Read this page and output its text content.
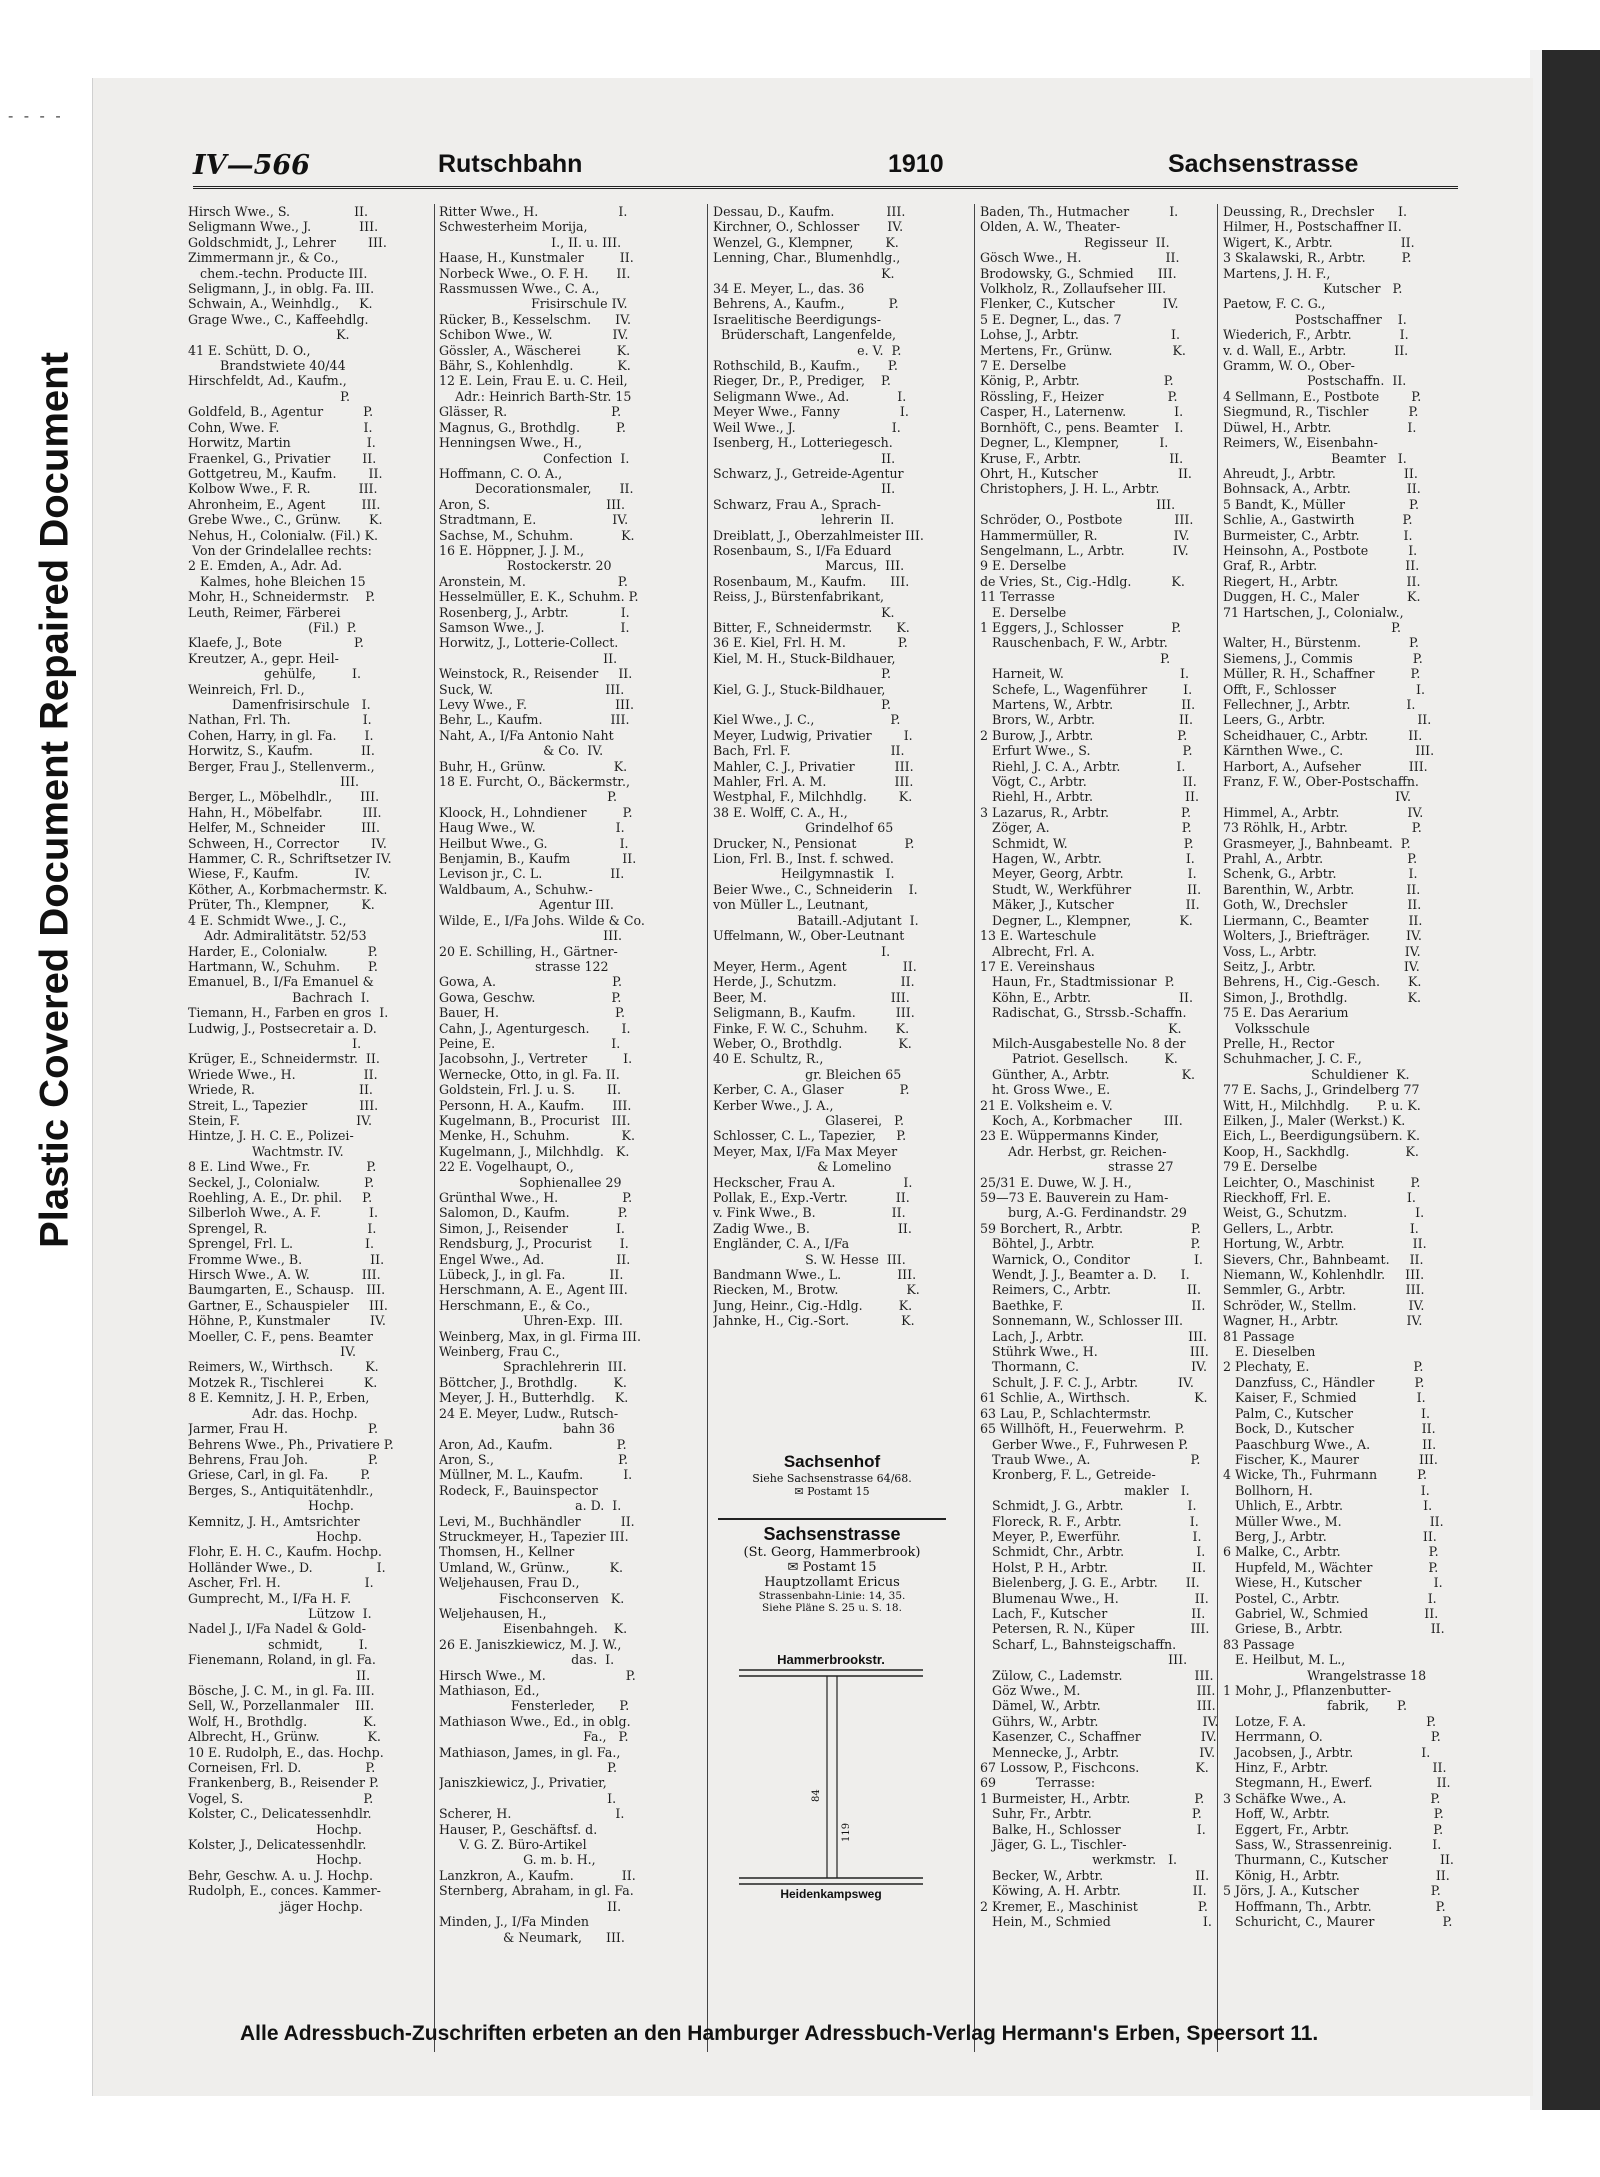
- - - -
Plastic Covered Document Repaired Document
IV—566	Rutschbahn	1910	Sachsenstrasse
Hirsch Wwe., S.                II.
Seligmann Wwe., J.            III.
Goldschmidt, J., Lehrer        III.
Zimmermann jr., & Co.,
chem.-techn. Producte III.
Seligmann, J., in oblg. Fa. III.
Schwain, A., Weinhdlg.,     K.
Grage Wwe., C., Kaffeehdlg.
K.
41 E. Schütt, D. O.,
Brandstwiete 40/44
Hirschfeldt, Ad., Kaufm.,
P.
Goldfeld, B., Agentur          P.
Cohn, Wwe. F.                     I.
Horwitz, Martin                   I.
Fraenkel, G., Privatier        II.
Gottgetreu, M., Kaufm.        II.
Kolbow Wwe., F. R.            III.
Ahronheim, E., Agent         III.
Grebe Wwe., C., Grünw.       K.
Nehus, H., Colonialw. (Fil.) K.
Von der Grindelallee rechts:
2 E. Emden, A., Adr. Ad.
Kalmes, hohe Bleichen 15
Mohr, H., Schneidermstr.    P.
Leuth, Reimer, Färberei
(Fil.)  P.
Klaefe, J., Bote                  P.
Kreutzer, A., gepr. Heil-
gehülfe,         I.
Weinreich, Frl. D.,
Damenfrisirschule   I.
Nathan, Frl. Th.                  I.
Cohen, Harry, in gl. Fa.       I.
Horwitz, S., Kaufm.            II.
Berger, Frau J., Stellenverm.,
III.
Berger, L., Möbelhdlr.,       III.
Hahn, H., Möbelfabr.          III.
Helfer, M., Schneider         III.
Schween, H., Corrector        IV.
Hammer, C. R., Schriftsetzer IV.
Wiese, F., Kaufm.              IV.
Köther, A., Korbmachermstr. K.
Prüter, Th., Klempner,        K.
4 E. Schmidt Wwe., J. C.,
Adr. Admiralitätstr. 52/53
Harder, E., Colonialw.          P.
Hartmann, W., Schuhm.       P.
Emanuel, B., I/Fa Emanuel &
Bachrach  I.
Tiemann, H., Farben en gros  I.
Ludwig, J., Postsecretair a. D.
I.
Krüger, E., Schneidermstr.  II.
Wriede Wwe., H.                 II.
Wriede, R.                          II.
Streit, L., Tapezier             III.
Stein, F.                             IV.
Hintze, J. H. C. E., Polizei-
Wachtmstr. IV.
8 E. Lind Wwe., Fr.              P.
Seckel, J., Colonialw.           P.
Roehling, A. E., Dr. phil.     P.
Silberloh Wwe., A. F.            I.
Sprengel, R.                         I.
Sprengel, Frl. L.                  I.
Fromme Wwe., B.                 II.
Hirsch Wwe., A. W.             III.
Baumgarten, E., Schausp.   III.
Gartner, E., Schauspieler     III.
Höhne, P., Kunstmaler          IV.
Moeller, C. F., pens. Beamter
IV.
Reimers, W., Wirthsch.        K.
Motzek R., Tischlerei          K.
8 E. Kemnitz, J. H. P., Erben,
Adr. das. Hochp.
Jarmer, Frau H.                    P.
Behrens Wwe., Ph., Privatiere P.
Behrens, Frau Joh.               P.
Griese, Carl, in gl. Fa.        P.
Berges, S., Antiquitätenhdlr.,
Hochp.
Kemnitz, J. H., Amtsrichter
Hochp.
Flohr, E. H. C., Kaufm. Hochp.
Holländer Wwe., D.                I.
Ascher, Frl. H.                     I.
Gumprecht, M., I/Fa H. F.
Lützow  I.
Nadel J., I/Fa Nadel & Gold-
schmidt,         I.
Fienemann, Roland, in gl. Fa.
II.
Bösche, J. C. M., in gl. Fa. III.
Sell, W., Porzellanmaler    III.
Wolf, H., Brothdlg.              K.
Albrecht, H., Grünw.            K.
10 E. Rudolph, E., das. Hochp.
Corneisen, Frl. D.                P.
Frankenberg, B., Reisender P.
Vogel, S.                              P.
Kolster, C., Delicatessenhdlr.
Hochp.
Kolster, J., Delicatessenhdlr.
Hochp.
Behr, Geschw. A. u. J. Hochp.
Rudolph, E., conces. Kammer-
jäger Hochp.
Ritter Wwe., H.                    I.
Schwesterheim Morija,
I., II. u. III.
Haase, H., Kunstmaler         II.
Norbeck Wwe., O. F. H.       II.
Rassmussen Wwe., C. A.,
Frisirschule IV.
Rücker, B., Kesselschm.      IV.
Schibon Wwe., W.               IV.
Gössler, A., Wäscherei         K.
Bähr, S., Kohlenhdlg.           K.
12 E. Lein, Frau E. u. C. Heil,
Adr.: Heinrich Barth-Str. 15
Glässer, R.                          P.
Magnus, G., Brothdlg.         P.
Henningsen Wwe., H.,
Confection  I.
Hoffmann, C. O. A.,
Decorationsmaler,       II.
Aron, S.                             III.
Stradtmann, E.                   IV.
Sachse, M., Schuhm.            K.
16 E. Höppner, J. J. M.,
Rostockerstr. 20
Aronstein, M.                       P.
Hesselmüller, E. K., Schuhm. P.
Rosenberg, J., Arbtr.             I.
Samson Wwe., J.                   I.
Horwitz, J., Lotterie-Collect.
II.
Weinstock, R., Reisender     II.
Suck, W.                            III.
Levy Wwe., F.                      III.
Behr, L., Kaufm.                 III.
Naht, A., I/Fa Antonio Naht
& Co.  IV.
Buhr, H., Grünw.                 K.
18 E. Furcht, O., Bäckermstr.,
P.
Kloock, H., Lohndiener         P.
Haug Wwe., W.                    I.
Heilbut Wwe., G.                  I.
Benjamin, B., Kaufm             II.
Levison jr., C. L.                 II.
Waldbaum, A., Schuhw.-
Agentur III.
Wilde, E., I/Fa Johs. Wilde & Co.
III.
20 E. Schilling, H., Gärtner-
strasse 122
Gowa, A.                             P.
Gowa, Geschw.                   P.
Bauer, H.                             P.
Cahn, J., Agenturgesch.        I.
Peine, E.                             I.
Jacobsohn, J., Vertreter         I.
Wernecke, Otto, in gl. Fa. II.
Goldstein, Frl. J. u. S.        II.
Personn, H. A., Kaufm.       III.
Kugelmann, B., Procurist   III.
Menke, H., Schuhm.             K.
Kugelmann, J., Milchhdlg.   K.
22 E. Vogelhaupt, O.,
Sophienallee 29
Grünthal Wwe., H.                P.
Salomon, D., Kaufm.            P.
Simon, J., Reisender            I.
Rendsburg, J., Procurist       I.
Engel Wwe., Ad.                  II.
Lübeck, J., in gl. Fa.           II.
Herschmann, A. E., Agent III.
Herschmann, E., & Co.,
Uhren-Exp.  III.
Weinberg, Max, in gl. Firma III.
Weinberg, Frau C.,
Sprachlehrerin  III.
Böttcher, J., Brothdlg.         K.
Meyer, J. H., Butterhdlg.     K.
24 E. Meyer, Ludw., Rutsch-
bahn 36
Aron, Ad., Kaufm.                P.
Aron, S.,                               P.
Müllner, M. L., Kaufm.          I.
Rodeck, F., Bauinspector
a. D.  I.
Levi, M., Buchhändler          II.
Struckmeyer, H., Tapezier III.
Thomsen, H., Kellner
Umland, W., Grünw.,          K.
Weljehausen, Frau D.,
Fischconserven   K.
Weljehausen, H.,
Eisenbahngeh.    K.
26 E. Janiszkiewicz, M. J. W.,
das.  I.
Hirsch Wwe., M.                    P.
Mathiason, Ed.,
Fensterleder,      P.
Mathiason Wwe., Ed., in oblg.
Fa.,   P.
Mathiason, James, in gl. Fa.,
P.
Janiszkiewicz, J., Privatier,
I.
Scherer, H.                          I.
Hauser, P., Geschäftsf. d.
V. G. Z. Büro-Artikel
G. m. b. H.,
Lanzkron, A., Kaufm.            II.
Sternberg, Abraham, in gl. Fa.
II.
Minden, J., I/Fa Minden
& Neumark,      III.
Dessau, D., Kaufm.             III.
Kirchner, O., Schlosser       IV.
Wenzel, G., Klempner,        K.
Lenning, Char., Blumenhdlg.,
K.
34 E. Meyer, L., das. 36
Behrens, A., Kaufm.,           P.
Israelitische Beerdigungs-
Brüderschaft, Langenfelde,
e. V.  P.
Rothschild, B., Kaufm.,       P.
Rieger, Dr., P., Prediger,    P.
Seligmann Wwe., Ad.            I.
Meyer Wwe., Fanny               I.
Weil Wwe., J.                        I.
Isenberg, H., Lotteriegesch.
II.
Schwarz, J., Getreide-Agentur
II.
Schwarz, Frau A., Sprach-
lehrerin  II.
Dreiblatt, J., Oberzahlmeister III.
Rosenbaum, S., I/Fa Eduard
Marcus,  III.
Rosenbaum, M., Kaufm.      III.
Reiss, J., Bürstenfabrikant,
K.
Bitter, F., Schneidermstr.      K.
36 E. Kiel, Frl. H. M.             P.
Kiel, M. H., Stuck-Bildhauer,
P.
Kiel, G. J., Stuck-Bildhauer,
P.
Kiel Wwe., J. C.,                   P.
Meyer, Ludwig, Privatier        I.
Bach, Frl. F.                         II.
Mahler, C. J., Privatier          III.
Mahler, Frl. A. M.                 III.
Westphal, F., Milchhdlg.        K.
38 E. Wolff, C. A., H.,
Grindelhof 65
Drucker, N., Pensionat            P.
Lion, Frl. B., Inst. f. schwed.
Heilgymnastik   I.
Beier Wwe., C., Schneiderin    I.
von Müller L., Leutnant,
Bataill.-Adjutant  I.
Uffelmann, W., Ober-Leutnant
I.
Meyer, Herm., Agent              II.
Herde, J., Schutzm.                II.
Beer, M.                               III.
Seligmann, B., Kaufm.          III.
Finke, F. W. C., Schuhm.       K.
Weber, O., Brothdlg.              K.
40 E. Schultz, R.,
gr. Bleichen 65
Kerber, C. A., Glaser              P.
Kerber Wwe., J. A.,
Glaserei,   P.
Schlosser, C. L., Tapezier,     P.
Meyer, Max, I/Fa Max Meyer
& Lomelino
Heckscher, Frau A.                 I.
Pollak, E., Exp.-Vertr.            II.
v. Fink Wwe., B.                   II.
Zadig Wwe., B.                      II.
Engländer, C. A., I/Fa
S. W. Hesse  III.
Bandmann Wwe., L.              III.
Riecken, M., Brotw.                 K.
Jung, Heinr., Cig.-Hdlg.         K.
Jahnke, H., Cig.-Sort.             K.
Baden, Th., Hutmacher          I.
Olden, A. W., Theater-
Regisseur  II.
Gösch Wwe., H.                     II.
Brodowsky, G., Schmied      III.
Volkholz, R., Zollaufseher III.
Flenker, C., Kutscher            IV.
5 E. Degner, L., das. 7
Lohse, J., Arbtr.                       I.
Mertens, Fr., Grünw.               K.
7 E. Derselbe
König, P., Arbtr.                     P.
Rössling, F., Heizer                P.
Casper, H., Laternenw.            I.
Bornhöft, C., pens. Beamter    I.
Degner, L., Klempner,          I.
Kruse, F., Arbtr.                      II.
Ohrt, H., Kutscher                    II.
Christophers, J. H. L., Arbtr.
III.
Schröder, O., Postbote             III.
Hammermüller, R.                   IV.
Sengelmann, L., Arbtr.            IV.
9 E. Derselbe
de Vries, St., Cig.-Hdlg.          K.
11 Terrasse
E. Derselbe
1 Eggers, J., Schlosser            P.
Rauschenbach, F. W., Arbtr.
P.
Harneit, W.                             I.
Schefe, L., Wagenführer         I.
Martens, W., Arbtr.                 II.
Brors, W., Arbtr.                     II.
2 Burow, J., Arbtr.                     P.
Erfurt Wwe., S.                       P.
Riehl, J. C. A., Arbtr.              I.
Vögt, C., Arbtr.                        II.
Riehl, H., Arbtr.                       II.
3 Lazarus, R., Arbtr.                  P.
Zöger, A.                                 P.
Schmidt, W.                             P.
Hagen, W., Arbtr.                     I.
Meyer, Georg, Arbtr.                I.
Studt, W., Werkführer              II.
Mäker, J., Kutscher                  II.
Degner, L., Klempner,            K.
13 E. Warteschule
Albrecht, Frl. A.
17 E. Vereinshaus
Haun, Fr., Stadtmissionar  P.
Köhn, E., Arbtr.                      II.
Radischat, G., Strssb.-Schaffn.
K.
Milch-Ausgabestelle No. 8 der
Patriot. Gesellsch.         K.
Günther, A., Arbtr.                  K.
ht. Gross Wwe., E.
21 E. Volksheim e. V.
Koch, A., Korbmacher        III.
23 E. Wüppermanns Kinder,
Adr. Herbst, gr. Reichen-
strasse 27
25/31 E. Duwe, W. J. H.,
59—73 E. Bauverein zu Ham-
burg, A.-G. Ferdinandstr. 29
59 Borchert, R., Arbtr.                 P.
Böhtel, J., Arbtr.                        P.
Warnick, O., Conditor                I.
Wendt, J. J., Beamter a. D.      I.
Reimers, C., Arbtr.                   II.
Baethke, F.                                II.
Sonnemann, W., Schlosser III.
Lach, J., Arbtr.                          III.
Stührk Wwe., H.                       III.
Thormann, C.                            IV.
Schult, J. F. C. J., Arbtr.          IV.
61 Schlie, A., Wirthsch.                K.
63 Lau, P., Schlachtermstr.
65 Willhöft, H., Feuerwehrm.  P.
Gerber Wwe., F., Fuhrwesen P.
Traub Wwe., A.                         P.
Kronberg, F. L., Getreide-
makler   I.
Schmidt, J. G., Arbtr.                I.
Floreck, R. F., Arbtr.                 I.
Meyer, P., Ewerführ.                  I.
Schmidt, Chr., Arbtr.                  I.
Holst, P. H., Arbtr.                     II.
Bielenberg, J. G. E., Arbtr.       II.
Blumenau Wwe., H.                   II.
Lach, F., Kutscher                     II.
Petersen, R. N., Küper              III.
Scharf, L., Bahnsteigschaffn.
III.
Zülow, C., Lademstr.                  III.
Göz Wwe., M.                             III.
Dämel, W., Arbtr.                        III.
Gührs, W., Arbtr.                          IV.
Kasenzer, C., Schaffner               IV.
Mennecke, J., Arbtr.                    IV.
67 Lossow, P., Fischcons.              K.
69          Terrasse:
1 Burmeister, H., Arbtr.                P.
Suhr, Fr., Arbtr.                         P.
Balke, H., Schlosser                   I.
Jäger, G. L., Tischler-
werkmstr.   I.
Becker, W., Arbtr.                       II.
Köwing, A. H. Arbtr.                  II.
2 Kremer, E., Maschinist               P.
Hein, M., Schmied                       I.
Deussing, R., Drechsler      I.
Hilmer, H., Postschaffner II.
Wigert, K., Arbtr.                 II.
3 Skalawski, R., Arbtr.         P.
Martens, J. H. F.,
Kutscher   P.
Paetow, F. C. G.,
Postschaffner    I.
Wiederich, F., Arbtr.            I.
v. d. Wall, E., Arbtr.            II.
Gramm, W. O., Ober-
Postschaffn.  II.
4 Sellmann, E., Postbote        P.
Siegmund, R., Tischler          P.
Düwel, H., Arbtr.                   I.
Reimers, W., Eisenbahn-
Beamter   I.
Ahreudt, J., Arbtr.                 II.
Bohnsack, A., Arbtr.              II.
5 Bandt, K., Müller                P.
Schlie, A., Gastwirth            P.
Burmeister, C., Arbtr.           I.
Heinsohn, A., Postbote          I.
Graf, R., Arbtr.                      II.
Riegert, H., Arbtr.                 II.
Duggen, H. C., Maler            K.
71 Hartschen, J., Colonialw.,
P.
Walter, H., Bürstenm.            P.
Siemens, J., Commis               P.
Müller, R. H., Schaffner         P.
Offt, F., Schlosser                    I.
Fellechner, J., Arbtr.              I.
Leers, G., Arbtr.                       II.
Scheidhauer, C., Arbtr.          II.
Kärnthen Wwe., C.                  III.
Harbort, A., Aufseher            III.
Franz, F. W., Ober-Postschaffn.
IV.
Himmel, A., Arbtr.                 IV.
73 Röhlk, H., Arbtr.                P.
Grasmeyer, J., Bahnbeamt.  P.
Prahl, A., Arbtr.                     P.
Schenk, G., Arbtr.                  I.
Barenthin, W., Arbtr.             II.
Goth, W., Drechsler               II.
Liermann, C., Beamter          II.
Wolters, J., Briefträger.         IV.
Voss, L., Arbtr.                      IV.
Seitz, J., Arbtr.                      IV.
Behrens, H., Cig.-Gesch.       K.
Simon, J., Brothdlg.               K.
75 E. Das Aerarium
Volksschule
Prelle, H., Rector
Schuhmacher, J. C. F.,
Schuldiener  K.
77 E. Sachs, J., Grindelberg 77
Witt, H., Milchhdlg.       P. u. K.
Eilken, J., Maler (Werkst.) K.
Eich, L., Beerdigungsübern. K.
Koop, H., Sackhdlg.              K.
79 E. Derselbe
Leichter, O., Maschinist         P.
Rieckhoff, Frl. E.                   I.
Weist, G., Schutzm.                 I.
Gellers, L., Arbtr.                   I.
Hortung, W., Arbtr.                 II.
Sievers, Chr., Bahnbeamt.     II.
Niemann, W., Kohlenhdlr.     III.
Semmler, G., Arbtr.               III.
Schröder, W., Stellm.             IV.
Wagner, H., Arbtr.                 IV.
81 Passage
E. Dieselben
2 Plechaty, E.                          P.
Danzfuss, C., Händler          P.
Kaiser, F., Schmied               I.
Palm, C., Kutscher                 I.
Bock, D., Kutscher                 II.
Paaschburg Wwe., A.             II.
Fischer, K., Maurer               III.
4 Wicke, Th., Fuhrmann          P.
Bollhorn, H.                           I.
Uhlich, E., Arbtr.                    I.
Müller Wwe., M.                      II.
Berg, J., Arbtr.                        II.
6 Malke, C., Arbtr.                      P.
Hupfeld, M., Wächter              P.
Wiese, H., Kutscher                  I.
Postel, C., Arbtr.                      I.
Gabriel, W., Schmied              II.
Griese, B., Arbtr.                      II.
83 Passage
E. Heilbut, M. L.,
Wrangelstrasse 18
1 Mohr, J., Pflanzenbutter-
fabrik,       P.
Lotze, F. A.                              P.
Herrmann, O.                           P.
Jacobsen, J., Arbtr.                 I.
Hinz, F., Arbtr.                          II.
Stegmann, H., Ewerf.                II.
3 Schäfke Wwe., A.                     P.
Hoff, W., Arbtr.                          P.
Eggert, Fr., Arbtr.                     P.
Sass, W., Strassenreinig.          I.
Thurmann, C., Kutscher             II.
König, H., Arbtr.                        II.
5 Jörs, J. A., Kutscher                  P.
Hoffmann, Th., Arbtr.                P.
Schuricht, C., Maurer                 P.
Sachsenhof
Siehe Sachsenstrasse 64/68.
✉ Postamt 15
Sachsenstrasse
(St. Georg, Hammerbrook)
✉ Postamt 15
Hauptzollamt Ericus
Strassenbahn-Linie: 14, 35.
Siehe Pläne S. 25 u. S. 18.
Hammerbrookstr.
84
119
Heidenkampsweg
Alle Adressbuch-Zuschriften erbeten an den Hamburger Adressbuch-Verlag Hermann's Erben, Speersort 11.
